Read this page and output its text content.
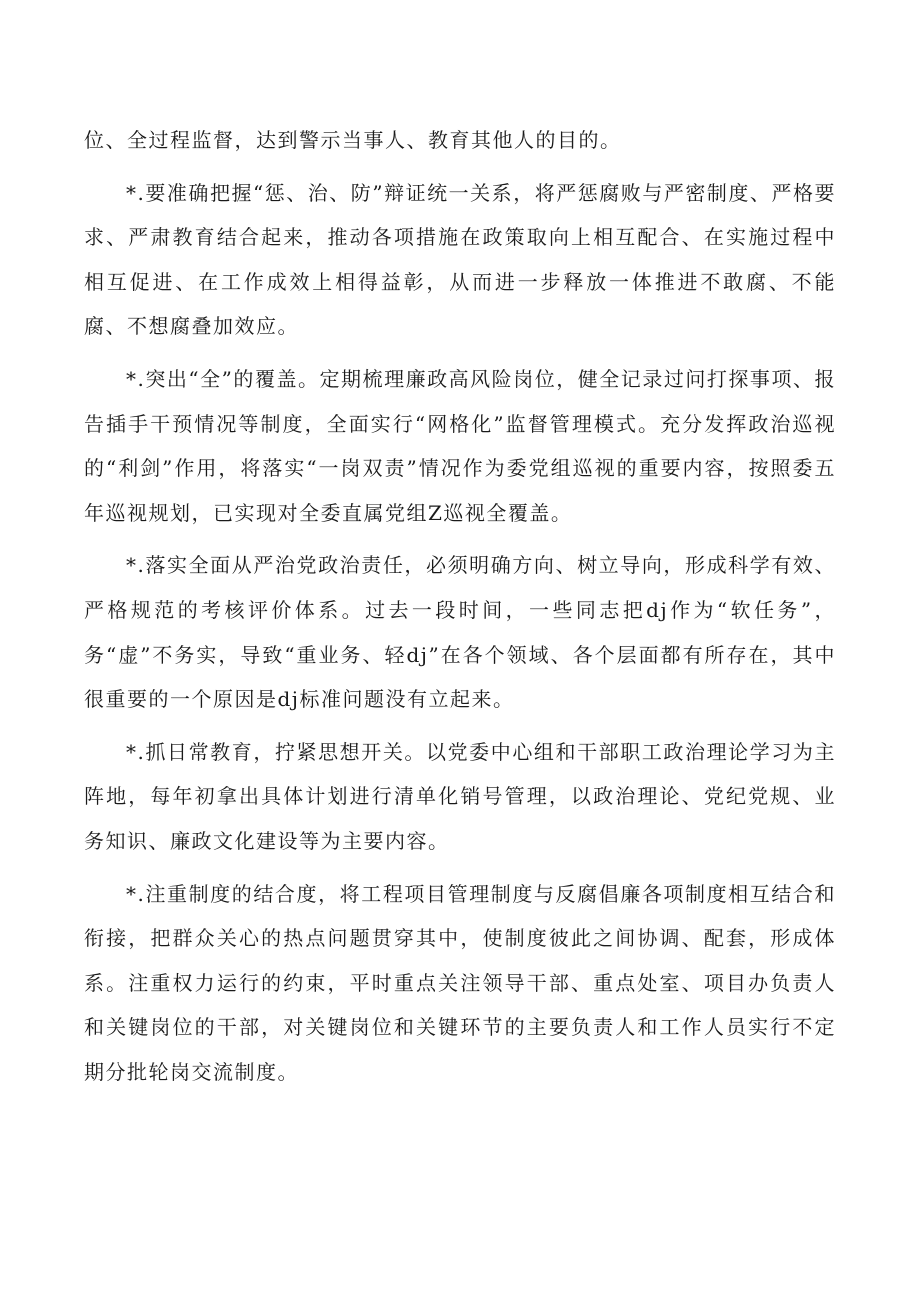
位、全过程监督，达到警示当事人、教育其他人的目的。

*.要准确把握“惩、治、防”辩证统一关系，将严惩腐败与严密制度、严格要求、严肃教育结合起来，推动各项措施在政策取向上相互配合、在实施过程中相互促进、在工作成效上相得益彰，从而进一步释放一体推进不敢腐、不能腐、不想腐叠加效应。

*.突出“全”的覆盖。定期梳理廉政高风险岗位，健全记录过问打探事项、报告插手干预情况等制度，全面实行“网格化”监督管理模式。充分发挥政治巡视的“利剑”作用，将落实“一岗双责”情况作为委党组巡视的重要内容，按照委五年巡视规划，已实现对全委直属党组Z巡视全覆盖。

*.落实全面从严治党政治责任，必须明确方向、树立导向，形成科学有效、严格规范的考核评价体系。过去一段时间，一些同志把dj作为“软任务”，务“虚”不务实，导致“重业务、轻dj”在各个领域、各个层面都有所存在，其中很重要的一个原因是dj标准问题没有立起来。

*.抓日常教育，拧紧思想开关。以党委中心组和干部职工政治理论学习为主阵地，每年初拿出具体计划进行清单化销号管理，以政治理论、党纪党规、业务知识、廉政文化建设等为主要内容。

*.注重制度的结合度，将工程项目管理制度与反腐倡廉各项制度相互结合和衔接，把群众关心的热点问题贯穿其中，使制度彼此之间协调、配套，形成体系。注重权力运行的约束，平时重点关注领导干部、重点处室、项目办负责人和关键岗位的干部，对关键岗位和关键环节的主要负责人和工作人员实行不定期分批轮岗交流制度。
